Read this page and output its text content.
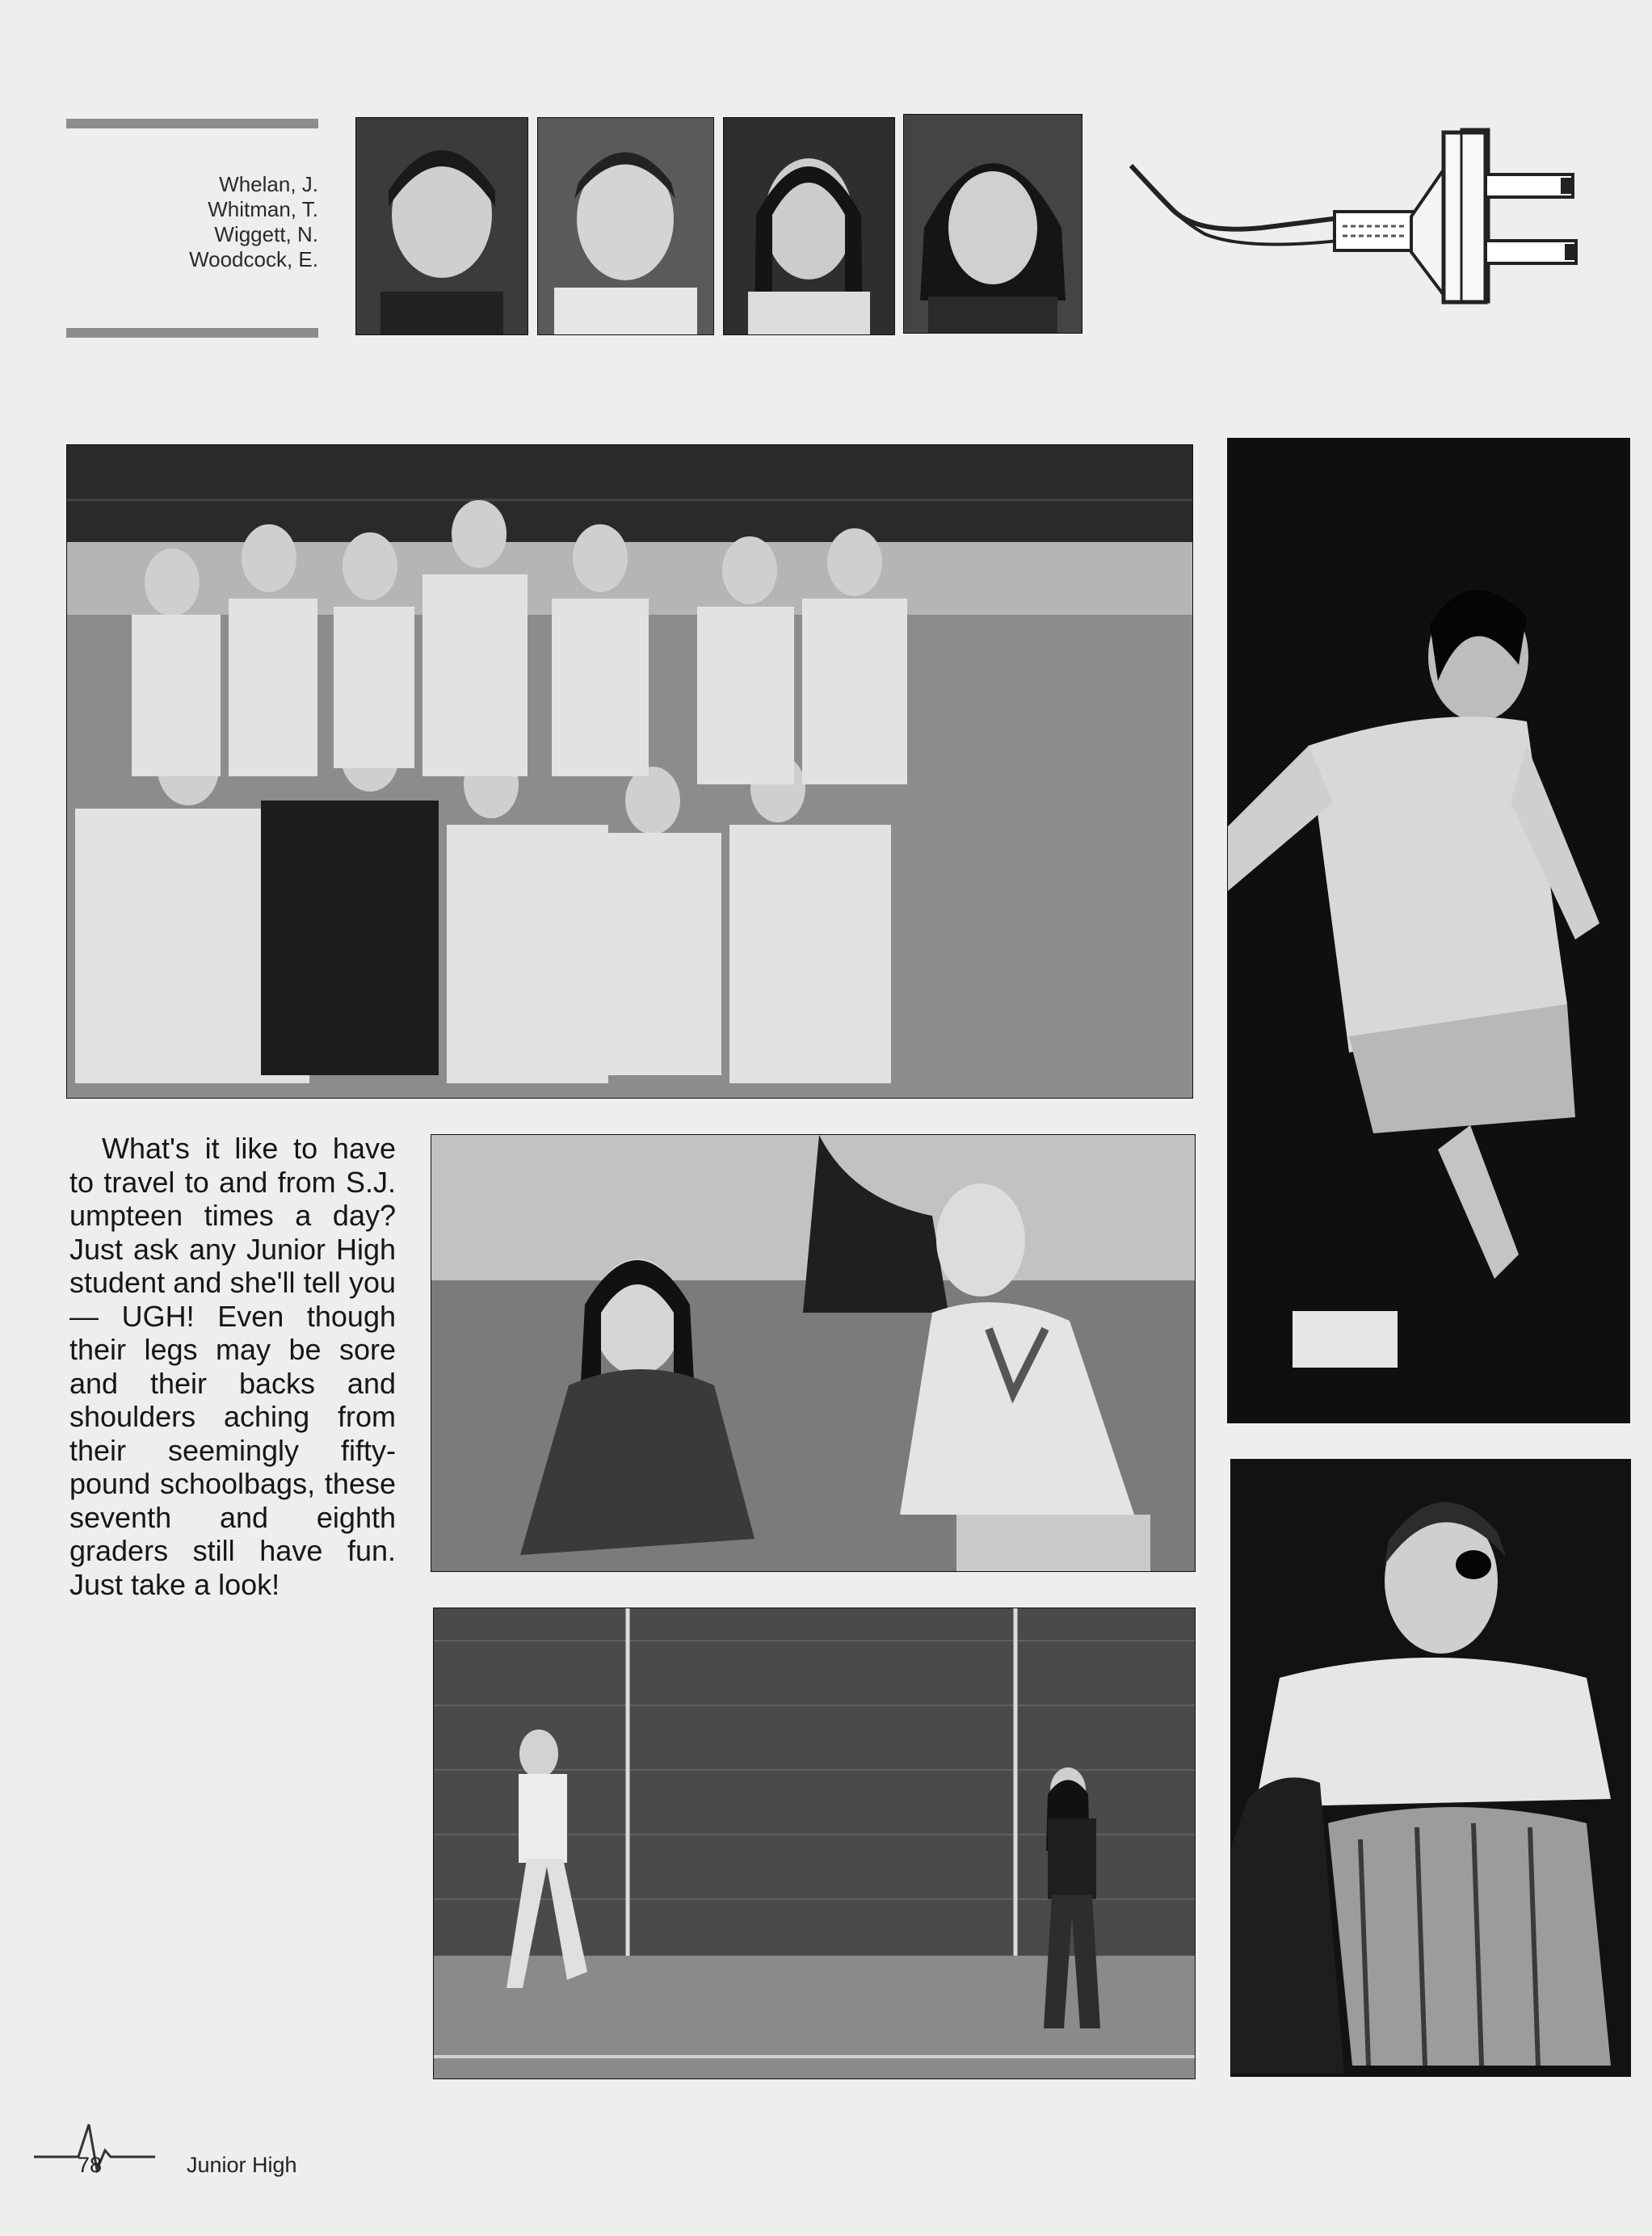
Whelan, J.
Whitman, T.
Wiggett, N.
Woodcock, E.

What's it like to have to travel to and from S.J. umpteen times a day? Just ask any Junior High student and she'll tell you — UGH! Even though their legs may be sore and their backs and shoulders aching from their seemingly fifty-pound schoolbags, these seventh and eighth graders still have fun. Just take a look!

78	Junior High
